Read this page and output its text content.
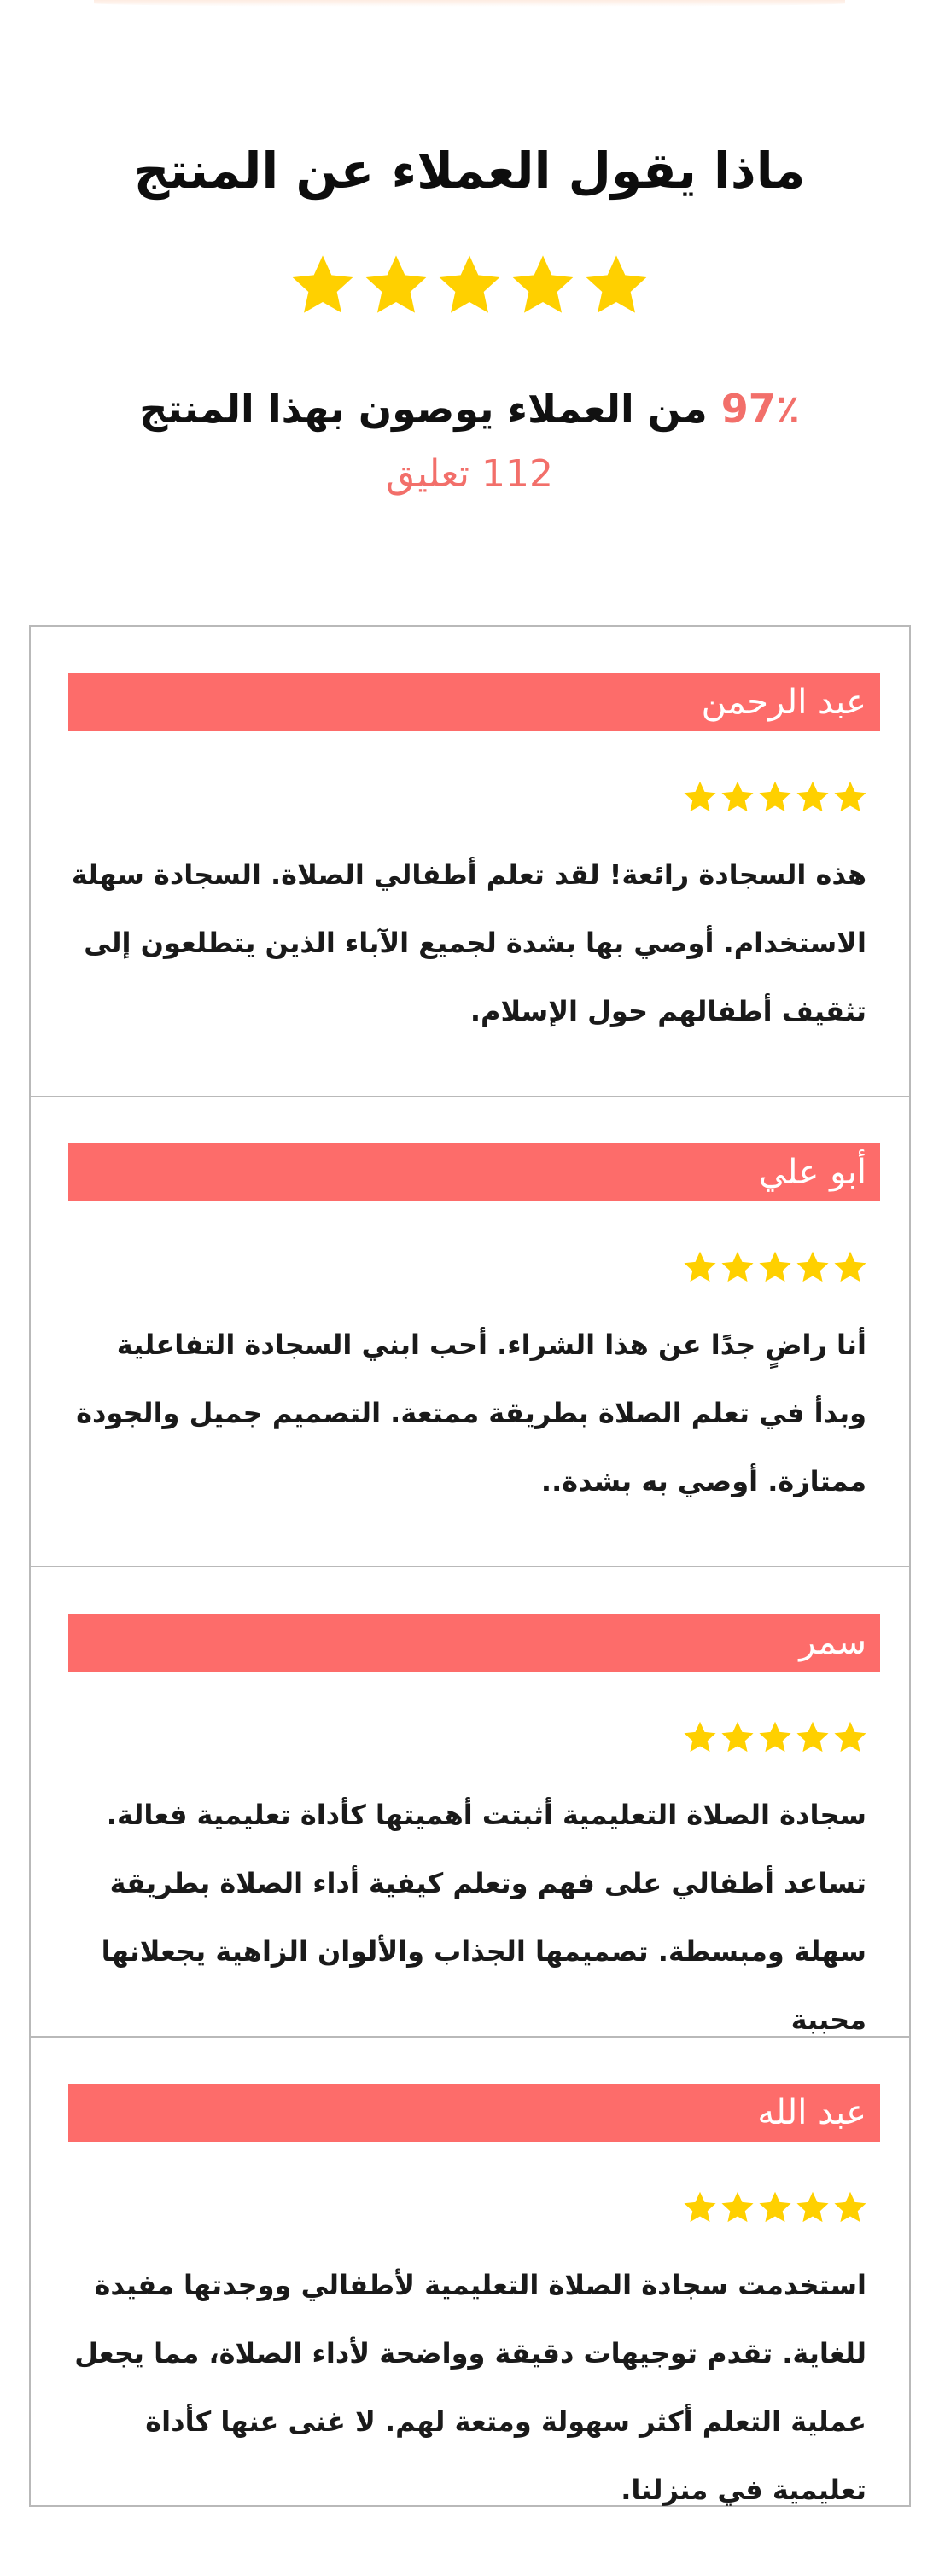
ماذا يقول العملاء عن المنتج
97٪ من العملاء يوصون بهذا المنتج
112 تعليق
عبد الرحمن

هذه السجادة رائعة! لقد تعلم أطفالي الصلاة. السجادة سهلة الاستخدام. أوصي بها بشدة لجميع الآباء الذين يتطلعون إلى تثقيف أطفالهم حول الإسلام.

أبو علي

أنا راضٍ جدًا عن هذا الشراء. أحب ابني السجادة التفاعلية وبدأ في تعلم الصلاة بطريقة ممتعة. التصميم جميل والجودة ممتازة. أوصي به بشدة..

سمر

سجادة الصلاة التعليمية أثبتت أهميتها كأداة تعليمية فعالة. تساعد أطفالي على فهم وتعلم كيفية أداء الصلاة بطريقة سهلة ومبسطة. تصميمها الجذاب والألوان الزاهية يجعلانها محببة

عبد الله

استخدمت سجادة الصلاة التعليمية لأطفالي ووجدتها مفيدة للغاية. تقدم توجيهات دقيقة وواضحة لأداء الصلاة، مما يجعل عملية التعلم أكثر سهولة ومتعة لهم. لا غنى عنها كأداة تعليمية في منزلنا.
